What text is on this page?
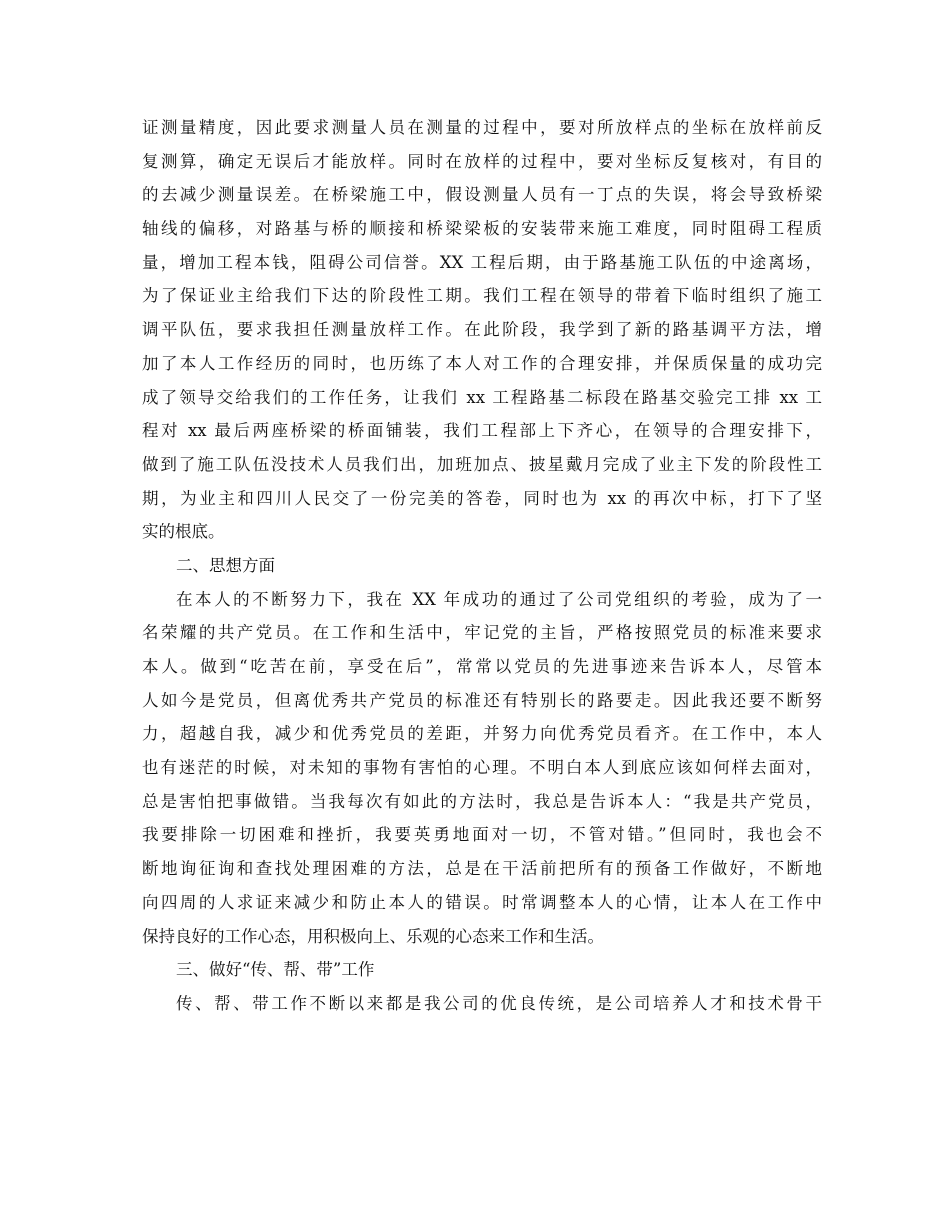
证测量精度，因此要求测量人员在测量的过程中，要对所放样点的坐标在放样前反
复测算，确定无误后才能放样。同时在放样的过程中，要对坐标反复核对，有目的
的去减少测量误差。在桥梁施工中，假设测量人员有一丁点的失误，将会导致桥梁
轴线的偏移，对路基与桥的顺接和桥梁梁板的安装带来施工难度，同时阻碍工程质
量，增加工程本钱，阻碍公司信誉。XX 工程后期，由于路基施工队伍的中途离场，
为了保证业主给我们下达的阶段性工期。我们工程在领导的带着下临时组织了施工
调平队伍，要求我担任测量放样工作。在此阶段，我学到了新的路基调平方法，增
加了本人工作经历的同时，也历练了本人对工作的合理安排，并保质保量的成功完
成了领导交给我们的工作任务，让我们 xx 工程路基二标段在路基交验完工排 xx 工
程对 xx 最后两座桥梁的桥面铺装，我们工程部上下齐心，在领导的合理安排下，
做到了施工队伍没技术人员我们出，加班加点、披星戴月完成了业主下发的阶段性工
期，为业主和四川人民交了一份完美的答卷，同时也为 xx 的再次中标，打下了坚
实的根底。
二、思想方面
在本人的不断努力下，我在 XX 年成功的通过了公司党组织的考验，成为了一
名荣耀的共产党员。在工作和生活中，牢记党的主旨，严格按照党员的标准来要求
本人。做到“吃苦在前，享受在后”，常常以党员的先进事迹来告诉本人，尽管本
人如今是党员，但离优秀共产党员的标准还有特别长的路要走。因此我还要不断努
力，超越自我，减少和优秀党员的差距，并努力向优秀党员看齐。在工作中，本人
也有迷茫的时候，对未知的事物有害怕的心理。不明白本人到底应该如何样去面对，
总是害怕把事做错。当我每次有如此的方法时，我总是告诉本人：“我是共产党员，
我要排除一切困难和挫折，我要英勇地面对一切，不管对错。”但同时，我也会不
断地询征询和查找处理困难的方法，总是在干活前把所有的预备工作做好，不断地
向四周的人求证来减少和防止本人的错误。时常调整本人的心情，让本人在工作中
保持良好的工作心态，用积极向上、乐观的心态来工作和生活。
三、做好“传、帮、带”工作
传、帮、带工作不断以来都是我公司的优良传统，是公司培养人才和技术骨干
